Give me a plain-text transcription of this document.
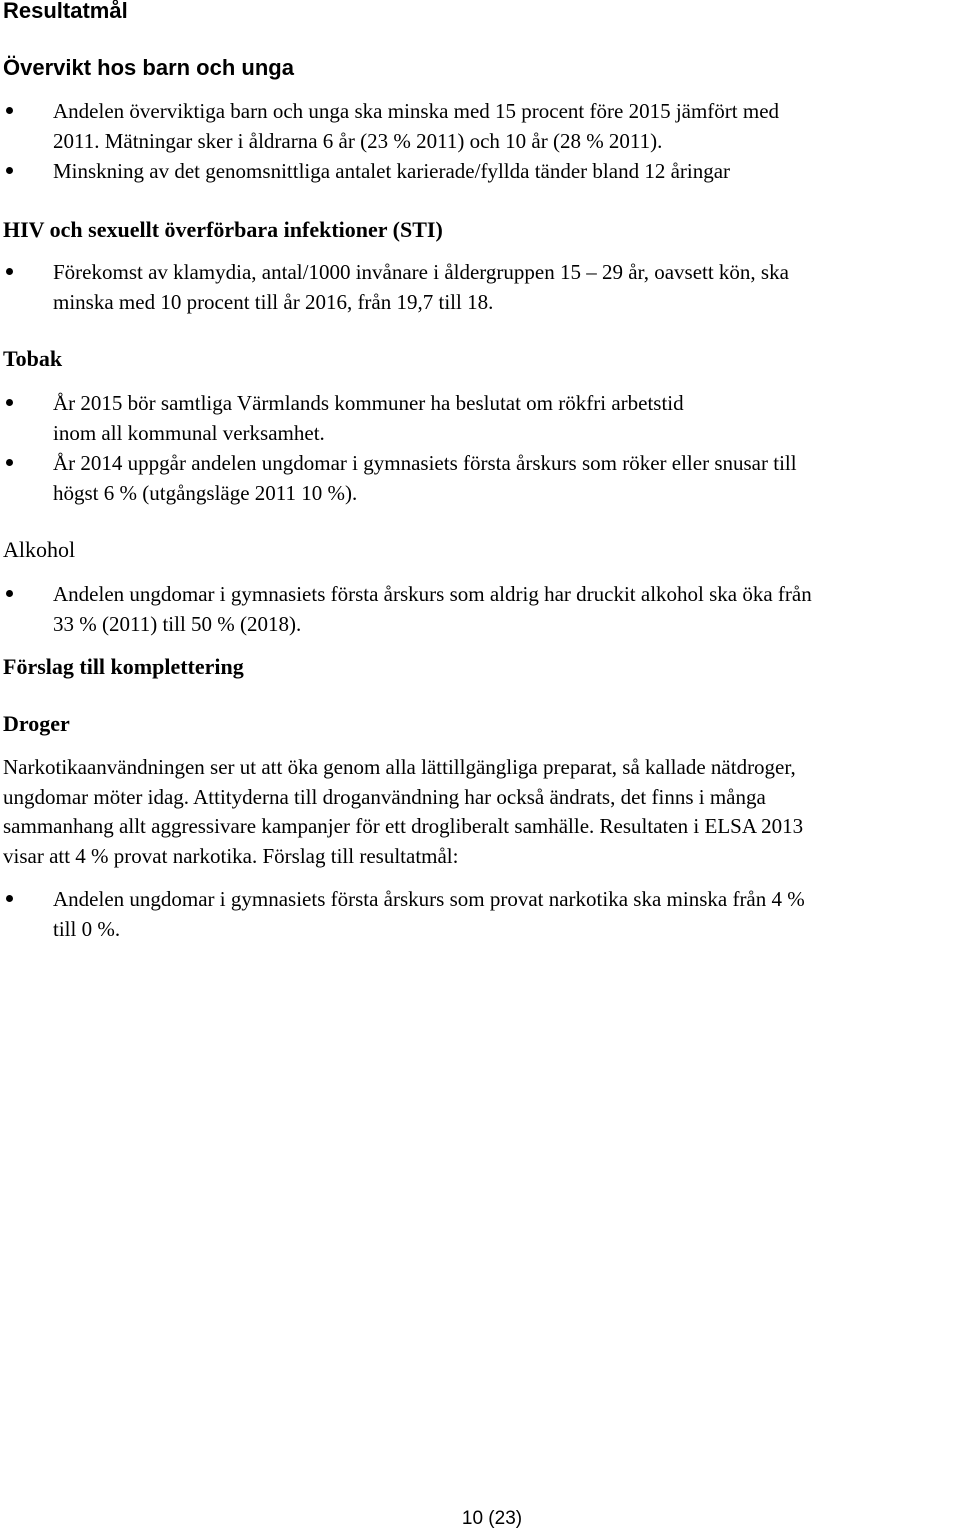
Resultatmål
Övervikt hos barn och unga

Andelen överviktiga barn och unga ska minska med 15 procent före 2015 jämfört med
2011. Mätningar sker i åldrarna 6 år (23 % 2011) och 10 år (28 % 2011).

Minskning av det genomsnittliga antalet karierade/fyllda tänder bland 12 åringar

HIV och sexuellt överförbara infektioner (STI)

Förekomst av klamydia, antal/1000 invånare i åldergruppen 15 – 29 år, oavsett kön, ska
minska med 10 procent till år 2016, från 19,7 till 18.

Tobak

År 2015 bör samtliga Värmlands kommuner ha beslutat om rökfri arbetstid
inom all kommunal verksamhet.

År 2014 uppgår andelen ungdomar i gymnasiets första årskurs som röker eller snusar till
högst 6 % (utgångsläge 2011 10 %).

Alkohol

Andelen ungdomar i gymnasiets första årskurs som aldrig har druckit alkohol ska öka från
33 % (2011) till 50 % (2018).

Förslag till komplettering
Droger

Narkotikaanvändningen ser ut att öka genom alla lättillgängliga preparat, så kallade nätdroger,
ungdomar möter idag. Attityderna till droganvändning har också ändrats, det finns i många
sammanhang allt aggressivare kampanjer för ett drogliberalt samhälle. Resultaten i ELSA 2013
visar att 4 % provat narkotika. Förslag till resultatmål:

Andelen ungdomar i gymnasiets första årskurs som provat narkotika ska minska från 4 %
till 0 %.

10 (23)
